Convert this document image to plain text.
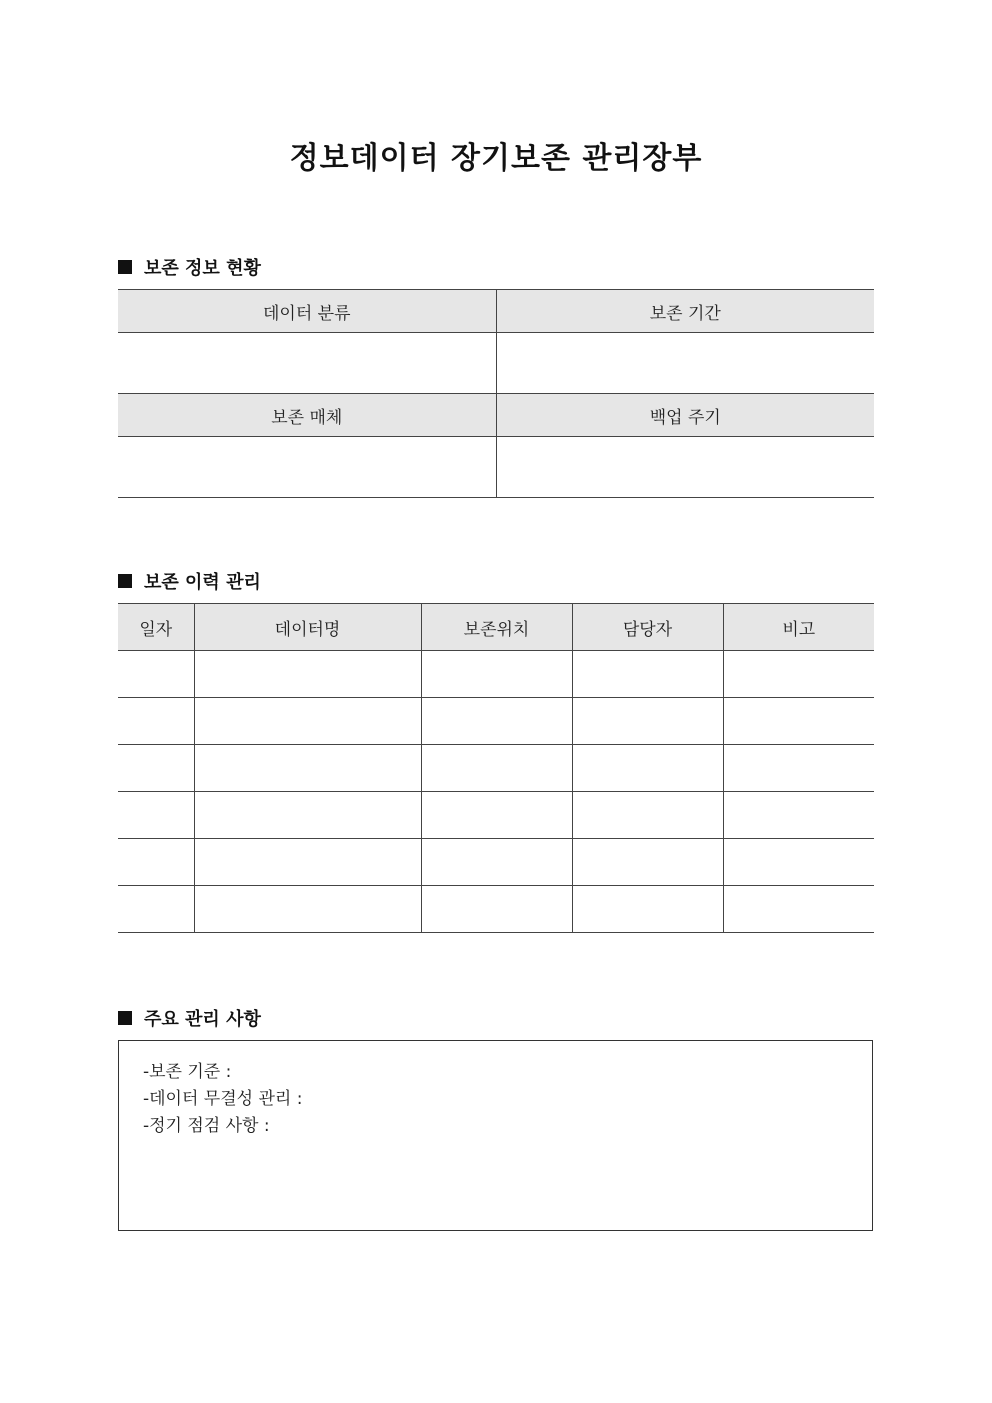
정보데이터 장기보존 관리장부
보존 정보 현황
데이터 분류	보존 기간

보존 매체	백업 주기

보존 이력 관리
일자	데이터명	보존위치	담당자	비고

주요 관리 사항
-보존 기준 :
-데이터 무결성 관리 :
-정기 점검 사항 :
